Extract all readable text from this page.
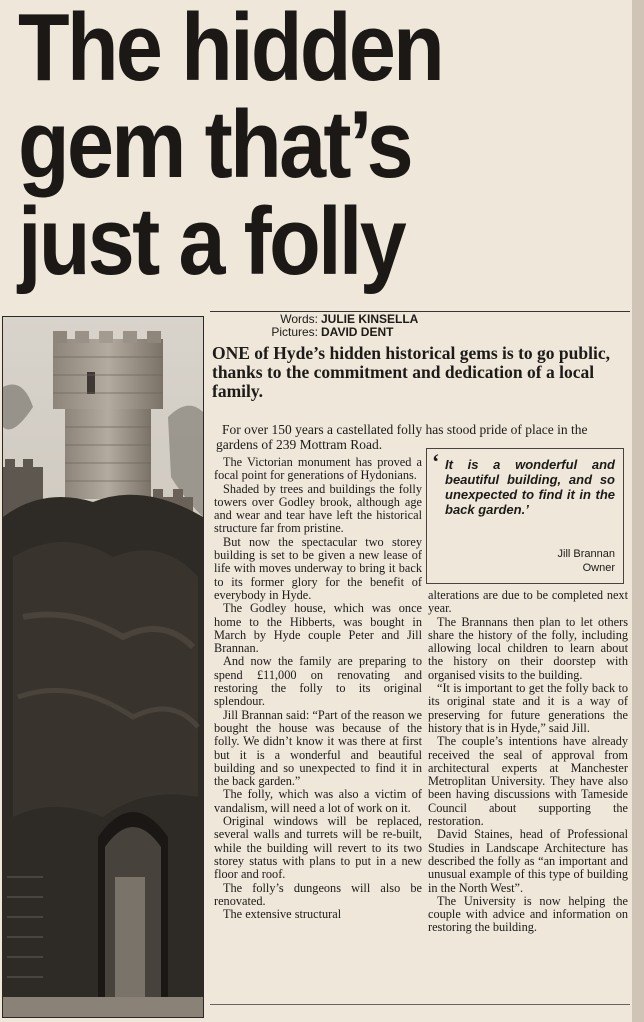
The hidden
gem that’s
just a folly
Words: JULIE KINSELLA
Pictures: DAVID DENT
ONE of Hyde’s hidden historical gems is to go public, thanks to the commitment and dedication of a local family.
For over 150 years a castellated folly has stood pride of place in the gardens of 239 Mottram Road.

The Victorian monument has proved a focal point for generations of Hydonians.

Shaded by trees and buildings the folly towers over Godley brook, although age and wear and tear have left the historical structure far from pristine.

But now the spectacular two storey building is set to be given a new lease of life with moves underway to bring it back to its former glory for the benefit of everybody in Hyde.

The Godley house, which was once home to the Hibberts, was bought in March by Hyde couple Peter and Jill Brannan.

And now the family are preparing to spend £11,000 on renovating and restoring the folly to its original splendour.

Jill Brannan said: “Part of the reason we bought the house was because of the folly. We didn’t know it was there at first but it is a wonderful and beautiful building and so unexpected to find it in the back garden.”

The folly, which was also a victim of vandalism, will need a lot of work on it.

Original windows will be replaced, several walls and turrets will be re-built, while the building will revert to its two storey status with plans to put in a new floor and roof.

The folly’s dungeons will also be renovated.

The extensive structural

‘ It is a wonderful and beautiful building, and so unexpected to find it in the back garden.’
Jill Brannan
Owner

alterations are due to be completed next year.

The Brannans then plan to let others share the history of the folly, including allowing local children to learn about the history on their doorstep with organised visits to the building.

“It is important to get the folly back to its original state and it is a way of preserving for future generations the history that is in Hyde,” said Jill.

The couple’s intentions have already received the seal of approval from architectural experts at Manchester Metroplitan University. They have also been having discussions with Tameside Council about supporting the restoration.

David Staines, head of Professional Studies in Landscape Architecture has described the folly as “an important and unusual example of this type of building in the North West”.

The University is now helping the couple with advice and information on restoring the building.
